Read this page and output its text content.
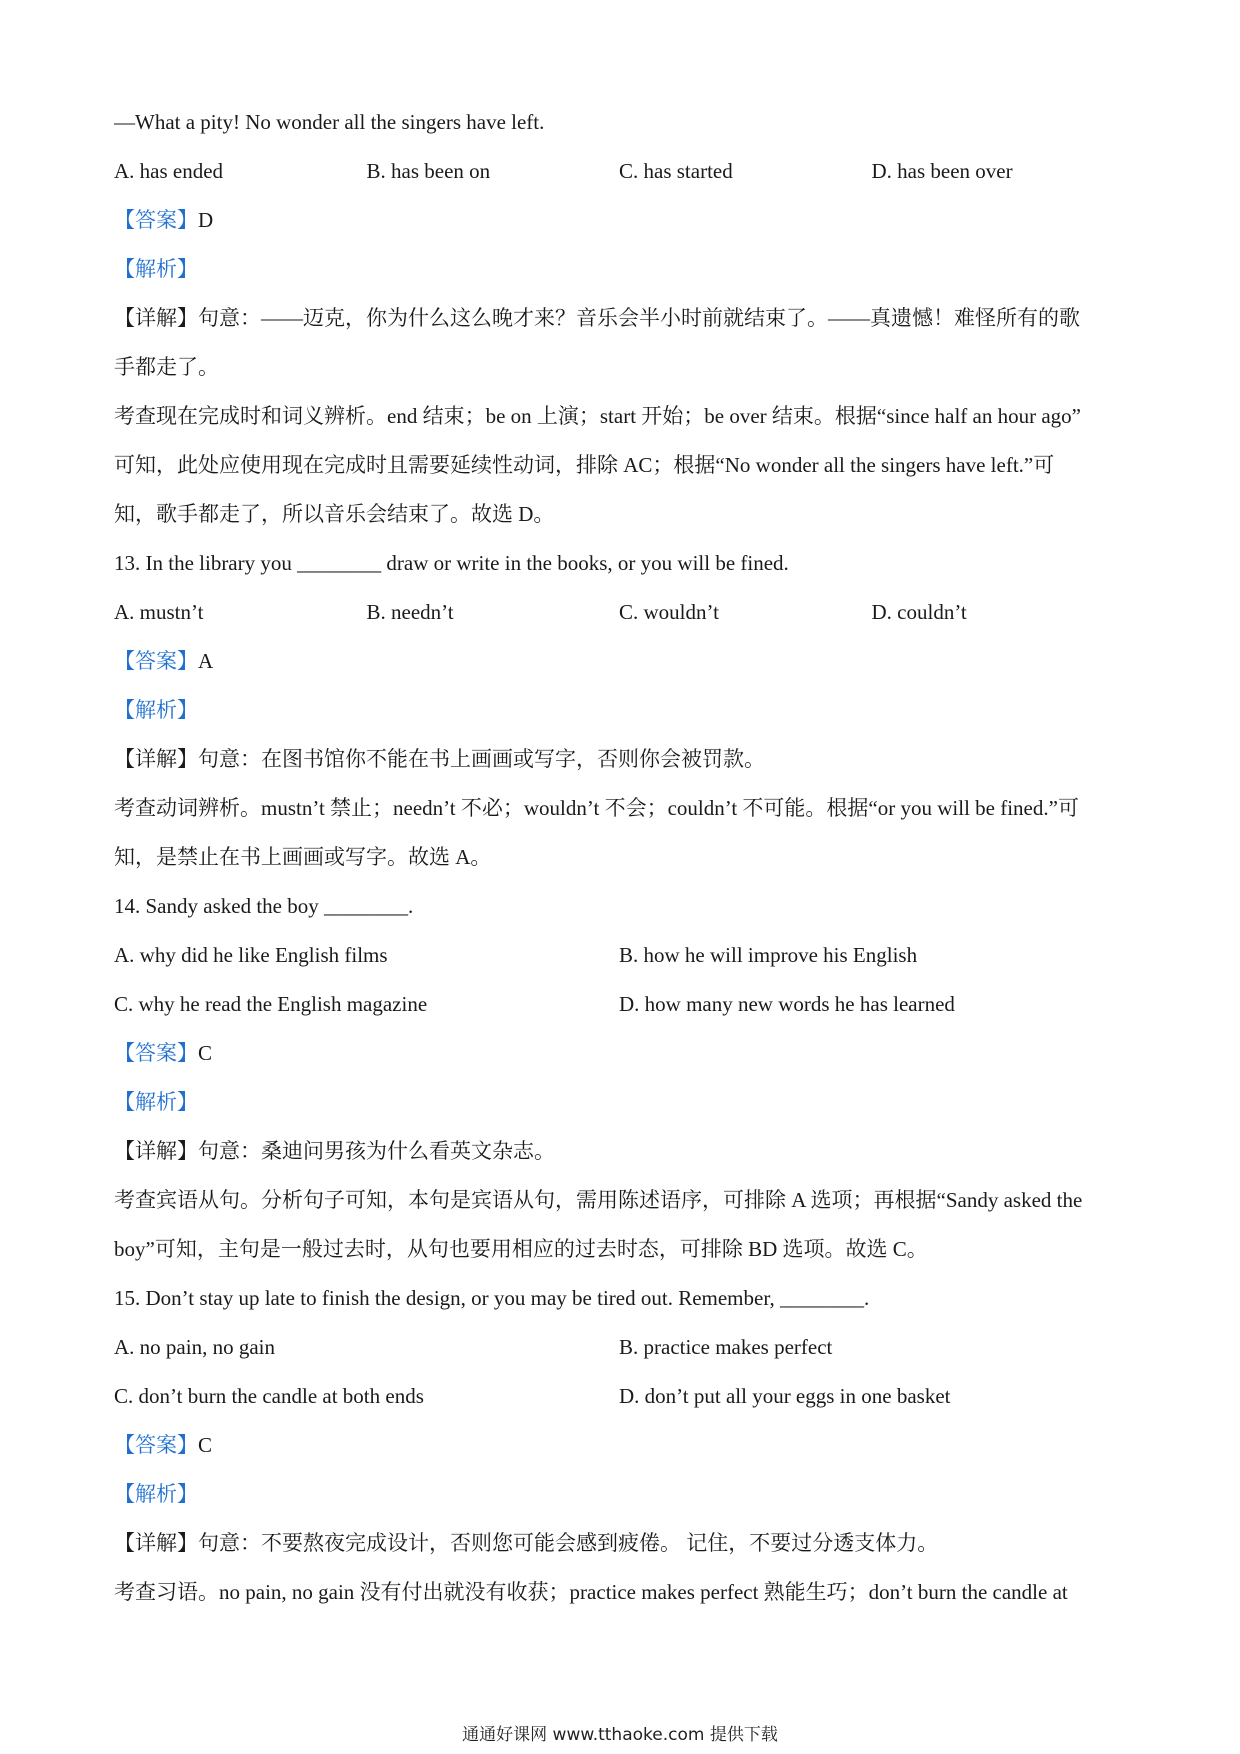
—What a pity! No wonder all the singers have left.
A. has ended	B. has been on	C. has started	D. has been over
【答案】D
【解析】
【详解】句意：——迈克，你为什么这么晚才来？音乐会半小时前就结束了。——真遗憾！难怪所有的歌
手都走了。
考查现在完成时和词义辨析。end 结束；be on 上演；start 开始；be over 结束。根据“since half an hour ago”
可知，此处应使用现在完成时且需要延续性动词，排除 AC；根据“No wonder all the singers have left.”可
知，歌手都走了，所以音乐会结束了。故选 D。
13. In the library you ________ draw or write in the books, or you will be fined.
A. mustn’t	B. needn’t	C. wouldn’t	D. couldn’t
【答案】A
【解析】
【详解】句意：在图书馆你不能在书上画画或写字，否则你会被罚款。
考查动词辨析。mustn’t 禁止；needn’t 不必；wouldn’t 不会；couldn’t 不可能。根据“or you will be fined.”可
知，是禁止在书上画画或写字。故选 A。
14. Sandy asked the boy ________.
A. why did he like English films	B. how he will improve his English
C. why he read the English magazine	D. how many new words he has learned
【答案】C
【解析】
【详解】句意：桑迪问男孩为什么看英文杂志。
考查宾语从句。分析句子可知，本句是宾语从句，需用陈述语序，可排除 A 选项；再根据“Sandy asked the
boy”可知，主句是一般过去时，从句也要用相应的过去时态，可排除 BD 选项。故选 C。
15. Don’t stay up late to finish the design, or you may be tired out. Remember, ________.
A. no pain, no gain	B. practice makes perfect
C. don’t burn the candle at both ends	D. don’t put all your eggs in one basket
【答案】C
【解析】
【详解】句意：不要熬夜完成设计，否则您可能会感到疲倦。 记住，不要过分透支体力。
考查习语。no pain, no gain 没有付出就没有收获；practice makes perfect 熟能生巧；don’t burn the candle at
通通好课网 www.tthaoke.com 提供下载
